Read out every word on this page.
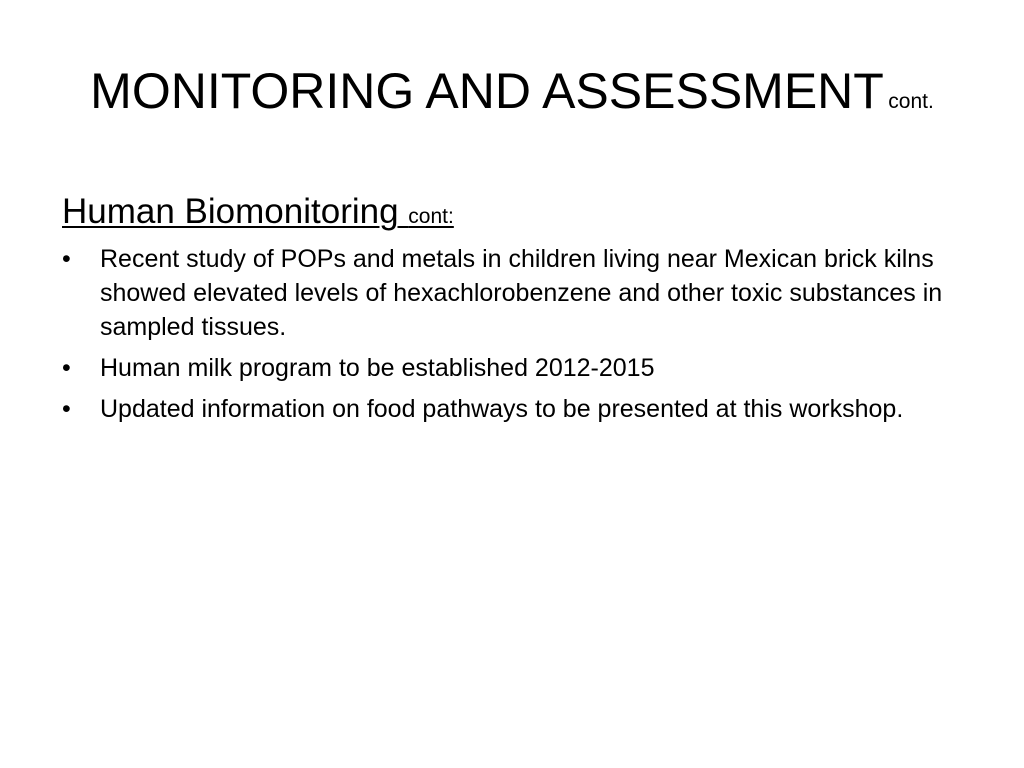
MONITORING AND ASSESSMENT cont.
Human Biomonitoring cont:
•	Recent study of POPs and metals in children living near Mexican brick kilns showed elevated levels of hexachlorobenzene and other toxic substances in sampled tissues.
•	Human milk program to be established 2012-2015
•	Updated information on food pathways to be presented at this workshop.
